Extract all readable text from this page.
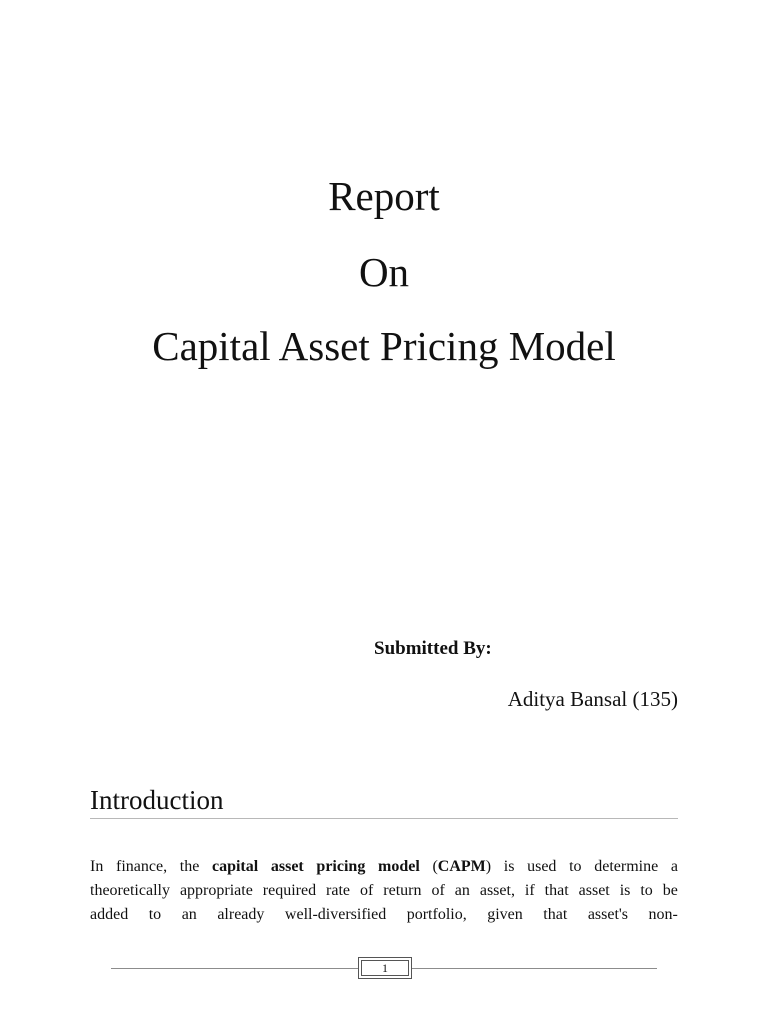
Report
On
Capital Asset Pricing Model
Submitted By:
Aditya Bansal (135)
Introduction
In finance, the capital asset pricing model (CAPM) is used to determine a
theoretically appropriate required rate of return of an asset, if that asset is to be
added to an already well-diversified portfolio, given that asset's non-
1
